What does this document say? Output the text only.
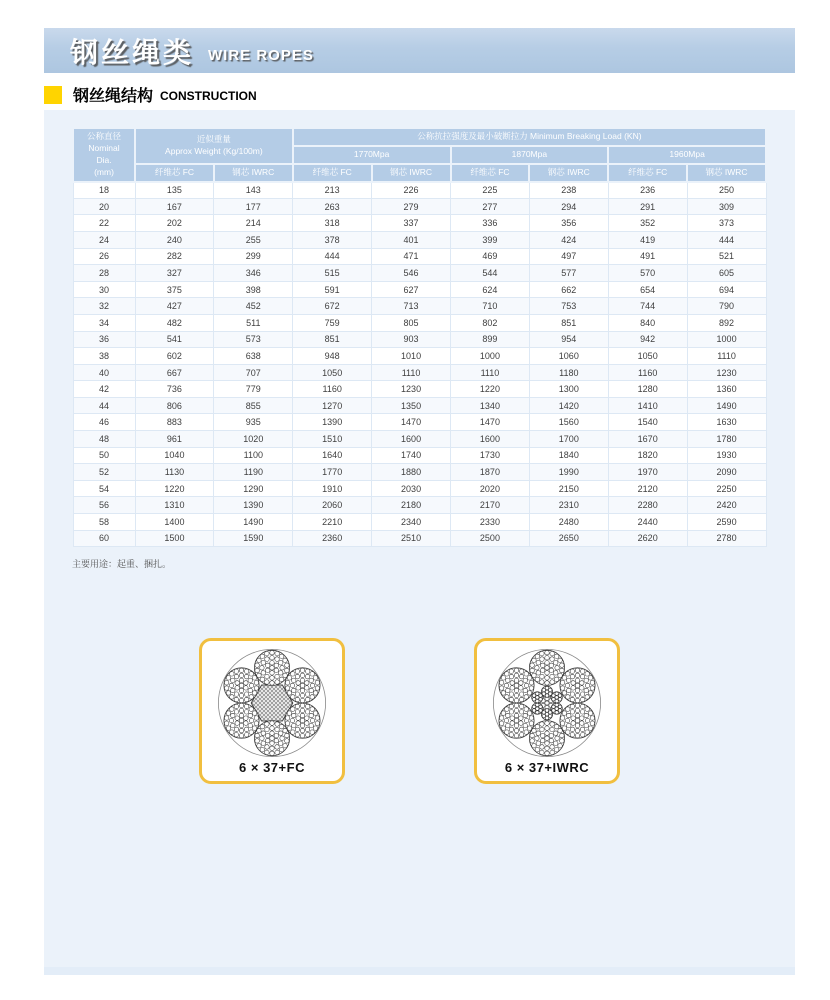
钢丝绳类 WIRE ROPES
钢丝绳结构 CONSTRUCTION
公称直径
Nominal
Dia.
(mm)	近似重量
Approx Weight (Kg/100m)		公称抗拉强度及最小破断拉力 Minimum Breaking Load (KN)					
			1770Mpa		1870Mpa		1960Mpa	
	纤维芯 FC	钢芯 IWRC	纤维芯 FC	钢芯 IWRC	纤维芯 FC	钢芯 IWRC	纤维芯 FC	钢芯 IWRC
18	135	143	213	226	225	238	236	250
20	167	177	263	279	277	294	291	309
22	202	214	318	337	336	356	352	373
24	240	255	378	401	399	424	419	444
26	282	299	444	471	469	497	491	521
28	327	346	515	546	544	577	570	605
30	375	398	591	627	624	662	654	694
32	427	452	672	713	710	753	744	790
34	482	511	759	805	802	851	840	892
36	541	573	851	903	899	954	942	1000
38	602	638	948	1010	1000	1060	1050	1110
40	667	707	1050	1110	1110	1180	1160	1230
42	736	779	1160	1230	1220	1300	1280	1360
44	806	855	1270	1350	1340	1420	1410	1490
46	883	935	1390	1470	1470	1560	1540	1630
48	961	1020	1510	1600	1600	1700	1670	1780
50	1040	1100	1640	1740	1730	1840	1820	1930
52	1130	1190	1770	1880	1870	1990	1970	2090
54	1220	1290	1910	2030	2020	2150	2120	2250
56	1310	1390	2060	2180	2170	2310	2280	2420
58	1400	1490	2210	2340	2330	2480	2440	2590
60	1500	1590	2360	2510	2500	2650	2620	2780
主要用途：起重、捆扎。
6 × 37+FC	6 × 37+IWRC
